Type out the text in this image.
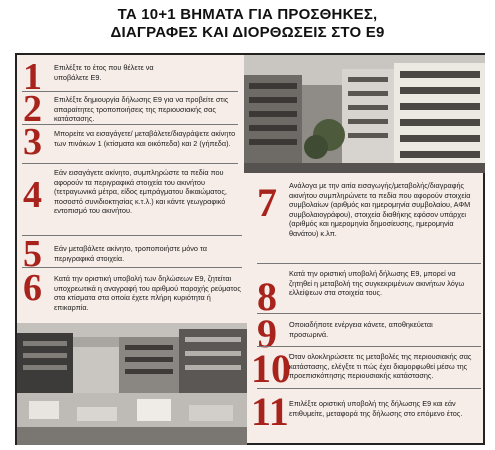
ΤΑ 10+1 ΒΗΜΑΤΑ ΓΙΑ ΠΡΟΣΘΗΚΕΣ,
ΔΙΑΓΡΑΦΕΣ ΚΑΙ ΔΙΟΡΘΩΣΕΙΣ ΣΤΟ Ε9
1 Επιλέξτε το έτος που θέλετε να υποβάλετε Ε9.
2 Επιλέξτε δημιουργία δήλωσης Ε9 για να προβείτε στις απαραίτητες τροποποιήσεις της περιουσιακής σας κατάστασης.
3 Μπορείτε να εισαγάγετε/ μεταβάλετε/διαγράψετε ακίνητο των πινάκων 1 (κτίσματα και οικόπεδα) και 2 (γήπεδα).
4
Εάν εισαγάγετε ακίνητο, συμπληρώστε τα πεδία που αφορούν τα περιγραφικά στοιχεία του ακινήτου (τετραγωνικά μέτρα, είδος εμπράγματου δικαιώματος, ποσοστό συνιδιοκτησίας κ.τ.λ.) και κάντε γεωγραφικό εντοπισμό του ακινήτου.
5 Εάν μεταβάλετε ακίνητο, τροποποιήστε μόνο τα περιγραφικά στοιχεία.
6 Κατά την οριστική υποβολή των δηλώσεων Ε9, ζητείται υποχρεωτικά η αναγραφή του αριθμού παροχής ρεύματος στα κτίσματα στα οποία έχετε πλήρη κυριότητα ή επικαρπία.
7 Ανάλογα με την αιτία εισαγωγής/μεταβολής/διαγραφής ακινήτου συμπληρώνετε τα πεδία που αφορούν στοιχεία συμβολαίων (αριθμός και ημερομηνία συμβολαίου, ΑΦΜ συμβολαιογράφου), στοιχεία διαθήκης εφόσον υπάρχει (αριθμός και ημερομηνία δημοσίευσης, ημερομηνία θανάτου) κ.λπ.
8
Κατά την οριστική υποβολή δήλωσης Ε9, μπορεί να ζητηθεί η μεταβολή της συγκεκριμένων ακινήτων λόγω ελλείψεων στα στοιχεία τους.
9 Οποιαδήποτε ενέργεια κάνετε, αποθηκεύεται προσωρινά.
10
Όταν ολοκληρώσετε τις μεταβολές της περιουσιακής σας κατάστασης, ελέγξτε τι πώς έχει διαμορφωθεί μέσω της προεπισκόπησης περιουσιακής κατάστασης.
11 Επιλέξτε οριστική υποβολή της δήλωσης Ε9 και εάν επιθυμείτε, μεταφορά της δήλωσης στο επόμενο έτος.
